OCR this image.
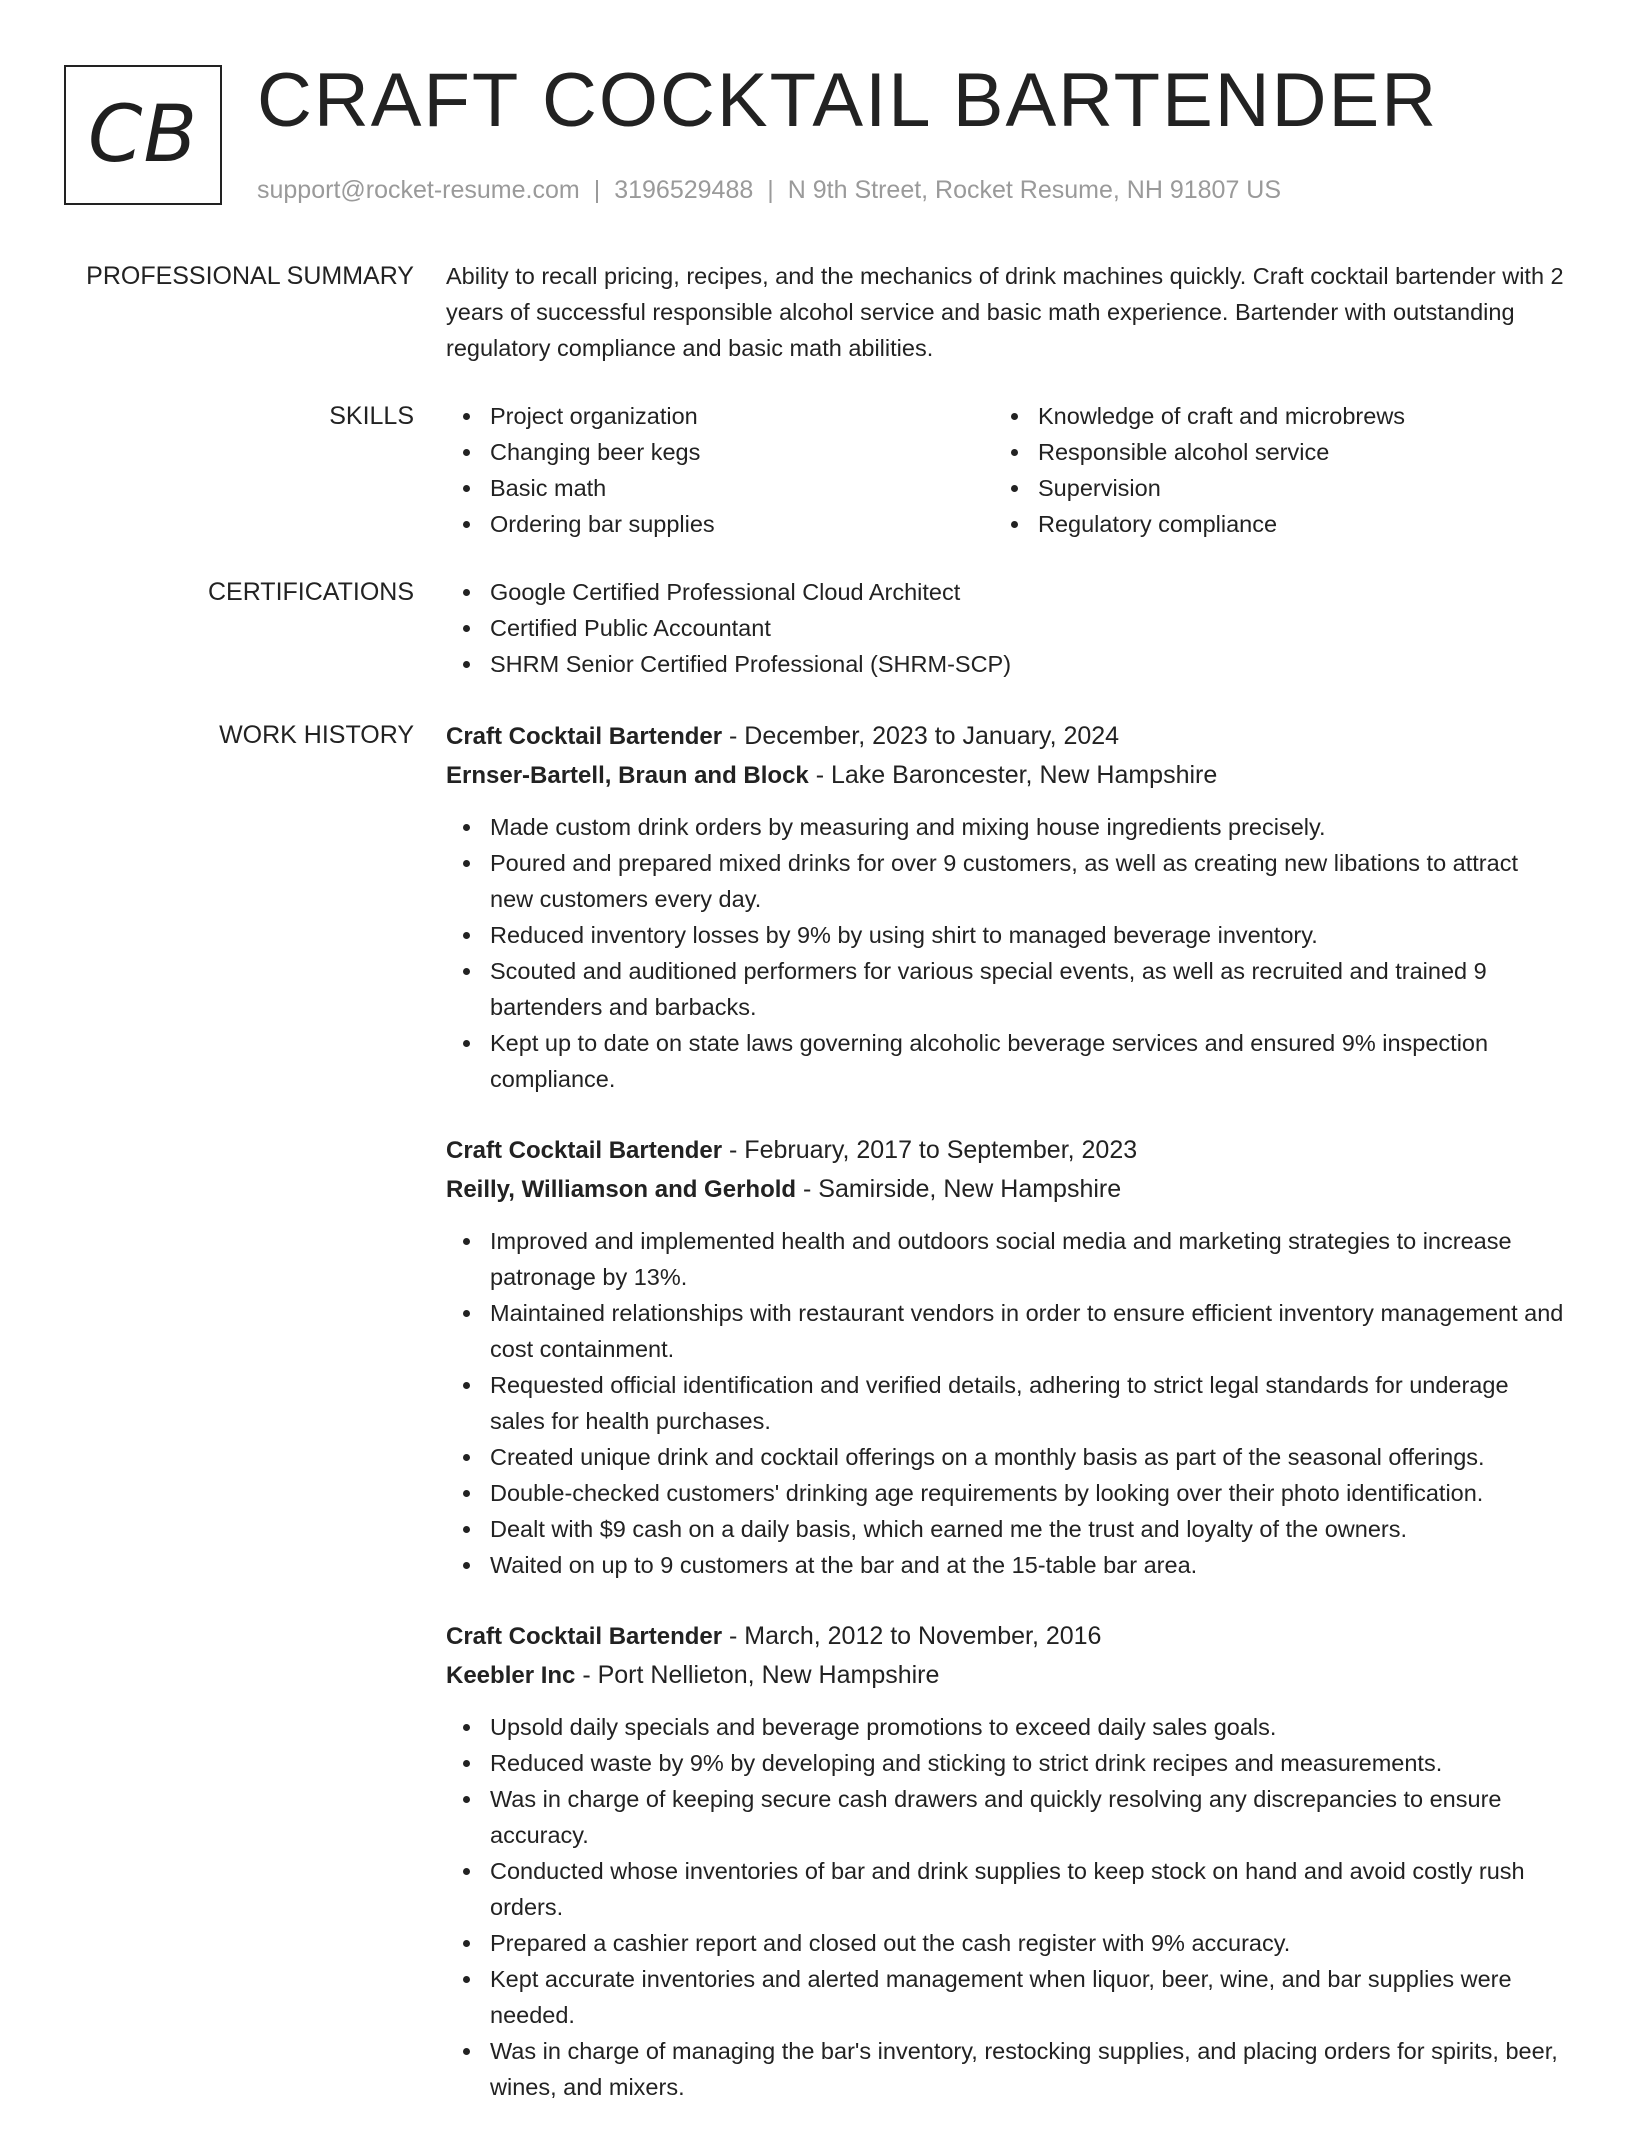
CB CRAFT COCKTAIL BARTENDER
support@rocket-resume.com | 3196529488 | N 9th Street, Rocket Resume, NH 91807 US
PROFESSIONAL SUMMARY Ability to recall pricing, recipes, and the mechanics of drink machines quickly. Craft cocktail bartender with 2 years of successful responsible alcohol service and basic math experience. Bartender with outstanding regulatory compliance and basic math abilities.

SKILLS	Project organization
Changing beer kegs
Basic math
Ordering bar supplies
Knowledge of craft and microbrews
Responsible alcohol service
Supervision
Regulatory compliance
CERTIFICATIONS	Google Certified Professional Cloud Architect
Certified Public Accountant
SHRM Senior Certified Professional (SHRM-SCP)
WORK HISTORY Craft Cocktail Bartender - December, 2023 to January, 2024
Ernser-Bartell, Braun and Block - Lake Baroncester, New Hampshire
Made custom drink orders by measuring and mixing house ingredients precisely.
Poured and prepared mixed drinks for over 9 customers, as well as creating new libations to attract new customers every day.
Reduced inventory losses by 9% by using shirt to managed beverage inventory.
Scouted and auditioned performers for various special events, as well as recruited and trained 9 bartenders and barbacks.
Kept up to date on state laws governing alcoholic beverage services and ensured 9% inspection compliance.
Craft Cocktail Bartender - February, 2017 to September, 2023
Reilly, Williamson and Gerhold - Samirside, New Hampshire
Improved and implemented health and outdoors social media and marketing strategies to increase patronage by 13%.
Maintained relationships with restaurant vendors in order to ensure efficient inventory management and cost containment.
Requested official identification and verified details, adhering to strict legal standards for underage sales for health purchases.
Created unique drink and cocktail offerings on a monthly basis as part of the seasonal offerings.
Double-checked customers' drinking age requirements by looking over their photo identification.
Dealt with $9 cash on a daily basis, which earned me the trust and loyalty of the owners.
Waited on up to 9 customers at the bar and at the 15-table bar area.
Craft Cocktail Bartender - March, 2012 to November, 2016
Keebler Inc - Port Nellieton, New Hampshire
Upsold daily specials and beverage promotions to exceed daily sales goals.
Reduced waste by 9% by developing and sticking to strict drink recipes and measurements.
Was in charge of keeping secure cash drawers and quickly resolving any discrepancies to ensure accuracy.
Conducted whose inventories of bar and drink supplies to keep stock on hand and avoid costly rush orders.
Prepared a cashier report and closed out the cash register with 9% accuracy.
Kept accurate inventories and alerted management when liquor, beer, wine, and bar supplies were needed.
Was in charge of managing the bar's inventory, restocking supplies, and placing orders for spirits, beer, wines, and mixers.
